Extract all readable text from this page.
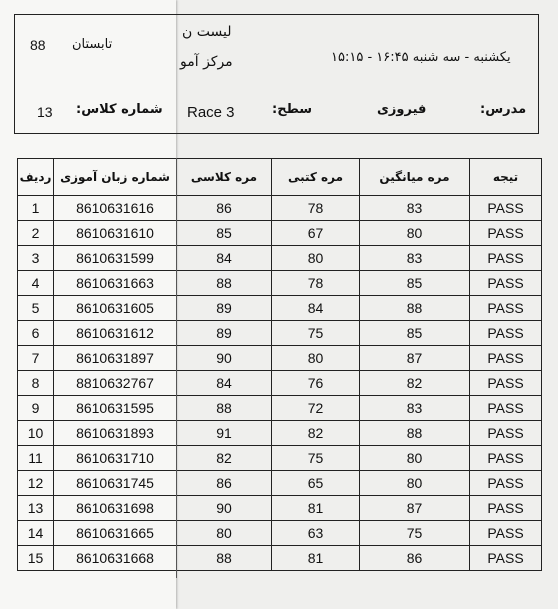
لیست ن
88 تابستان
مرکز آمو	یکشنبه - سه شنبه ۱۶:۴۵ - ۱۵:۱۵
13 شماره کلاس: Race 3	سطح:	فیروزی	مدرس:
ردیف	شماره زبان آموزی	مره کلاسی	مره کتبی	مره میانگین	تیجه
1	8610631616	86	78	83	PASS
2	8610631610	85	67	80	PASS
3	8610631599	84	80	83	PASS
4	8610631663	88	78	85	PASS
5	8610631605	89	84	88	PASS
6	8610631612	89	75	85	PASS
7	8610631897	90	80	87	PASS
8	8810632767	84	76	82	PASS
9	8610631595	88	72	83	PASS
10	8610631893	91	82	88	PASS
11	8610631710	82	75	80	PASS
12	8610631745	86	65	80	PASS
13	8610631698	90	81	87	PASS
14	8610631665	80	63	75	PASS
15	8610631668	88	81	86	PASS
